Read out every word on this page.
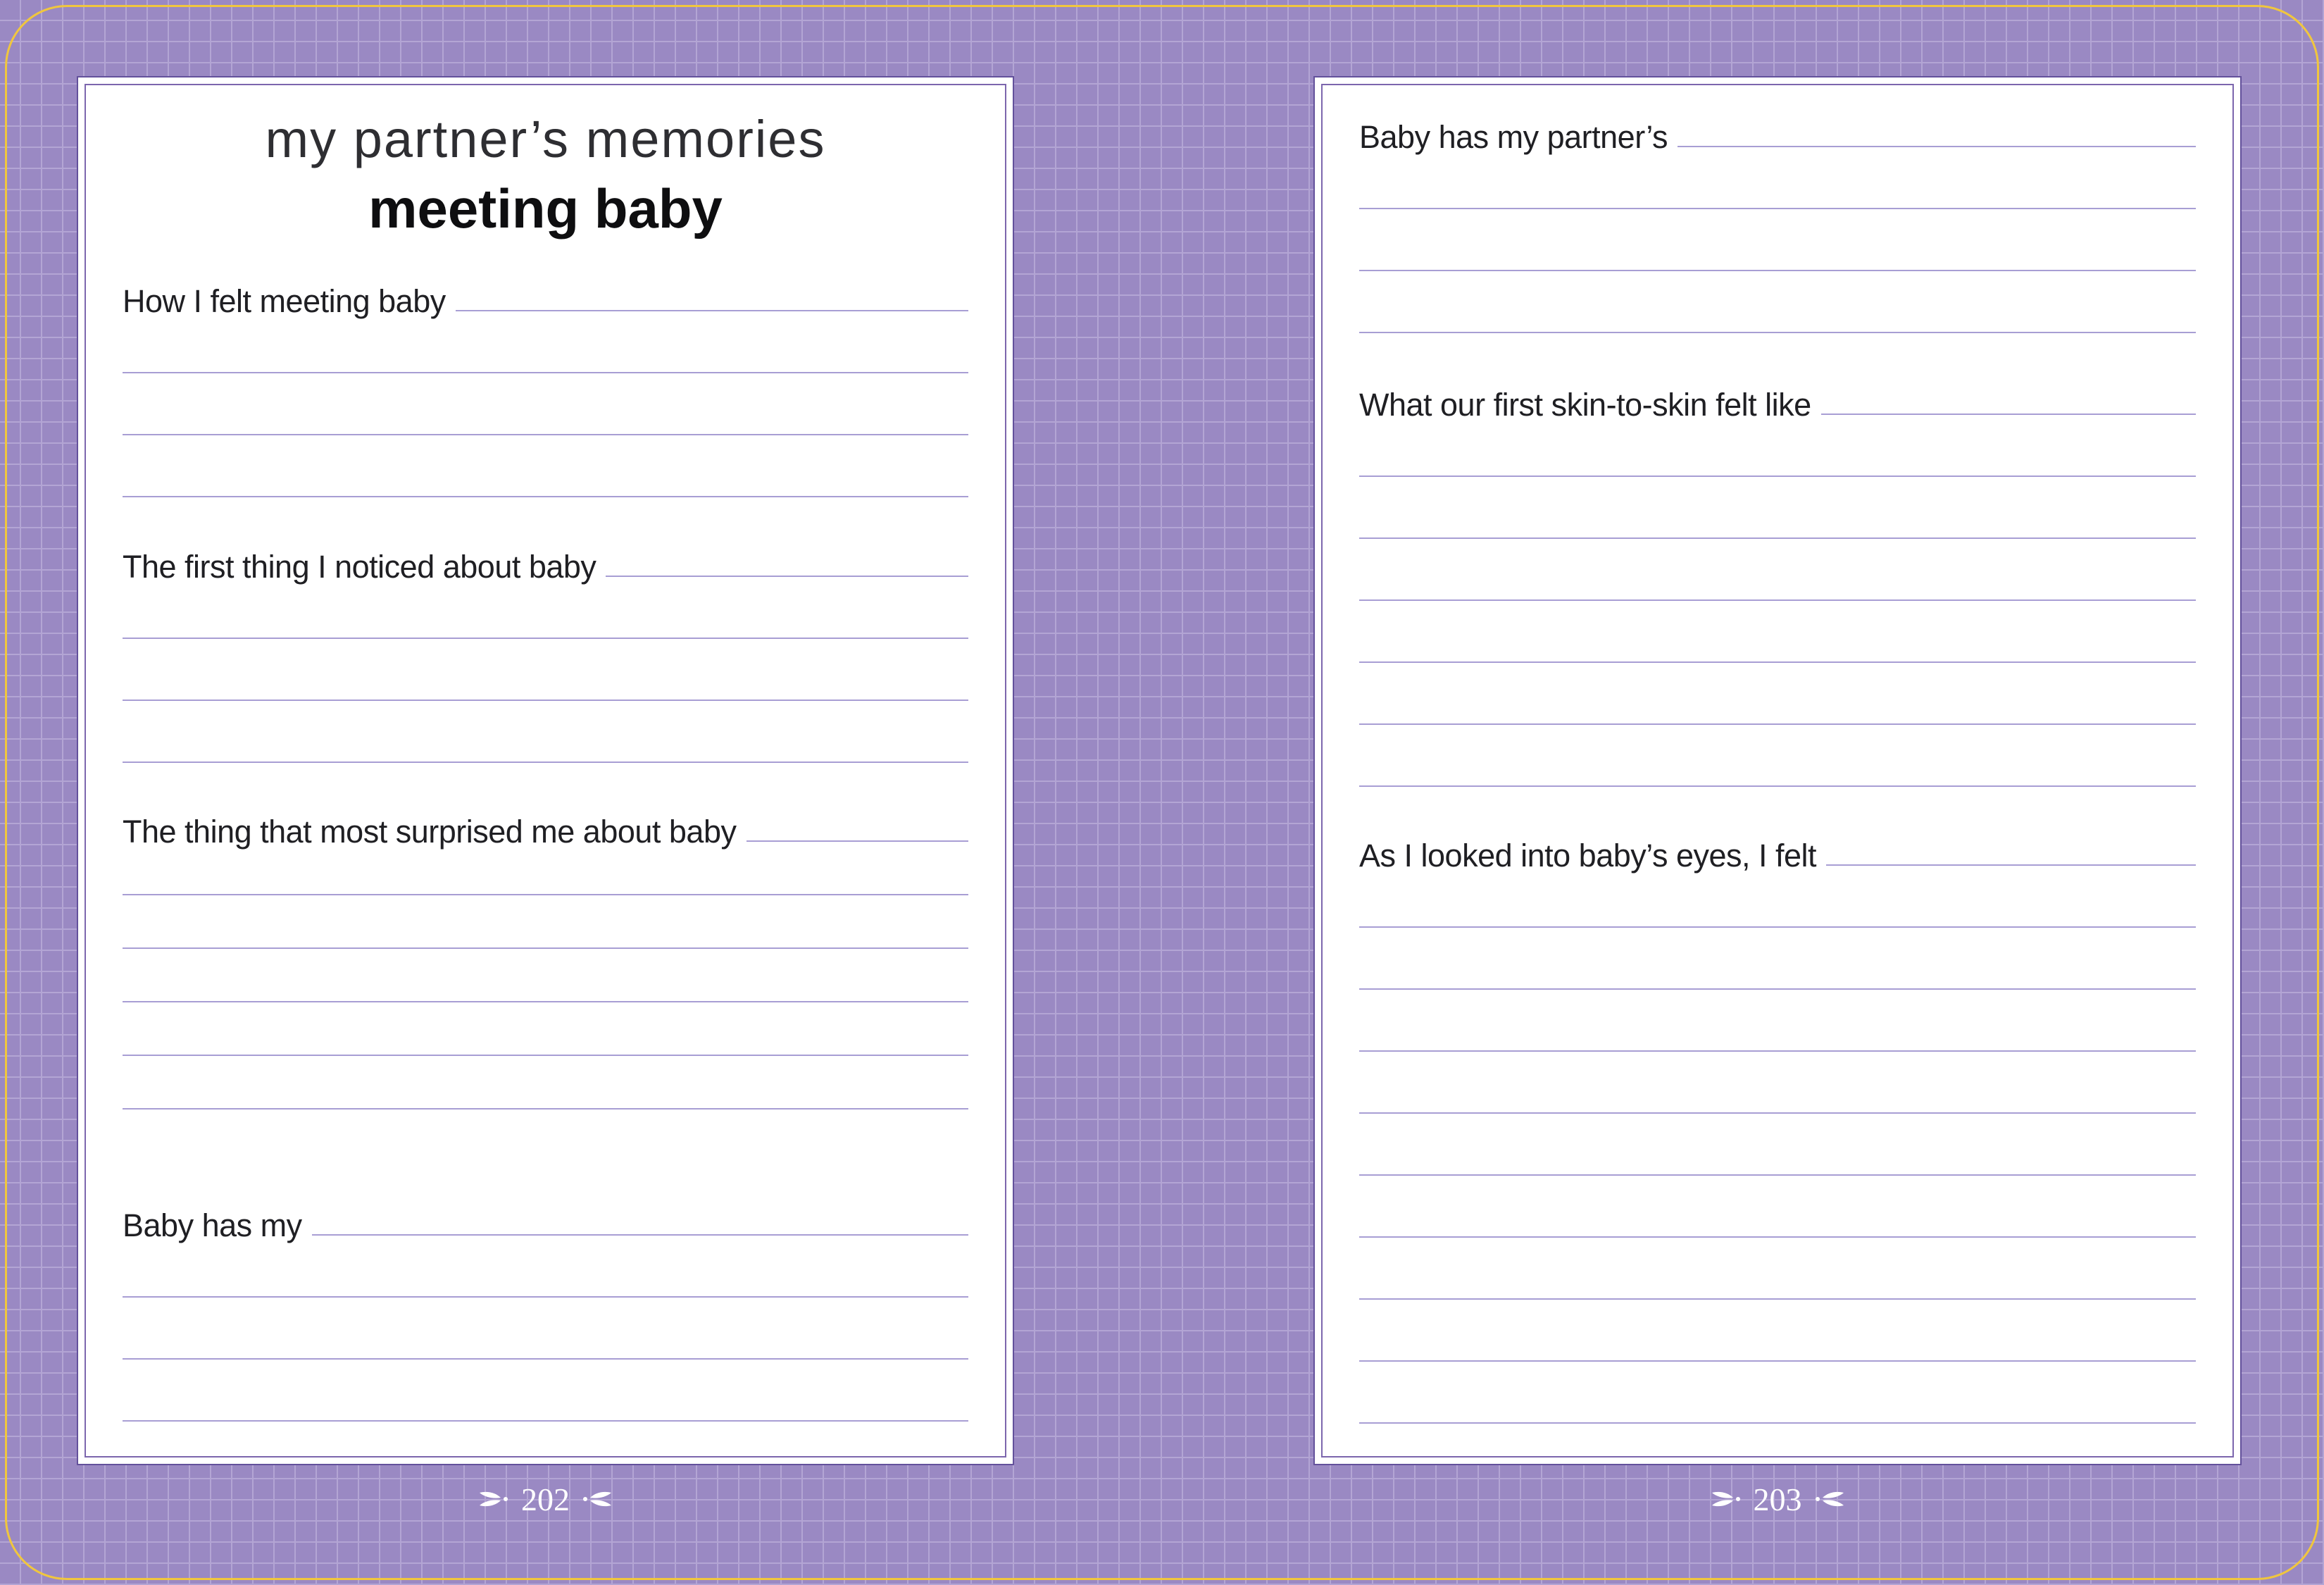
my partner’s memories
meeting baby
How I felt meeting baby
The first thing I noticed about baby
The thing that most surprised me about baby
Baby has my
Baby has my partner’s
What our first skin-to-skin felt like
As I looked into baby’s eyes, I felt
202	203
